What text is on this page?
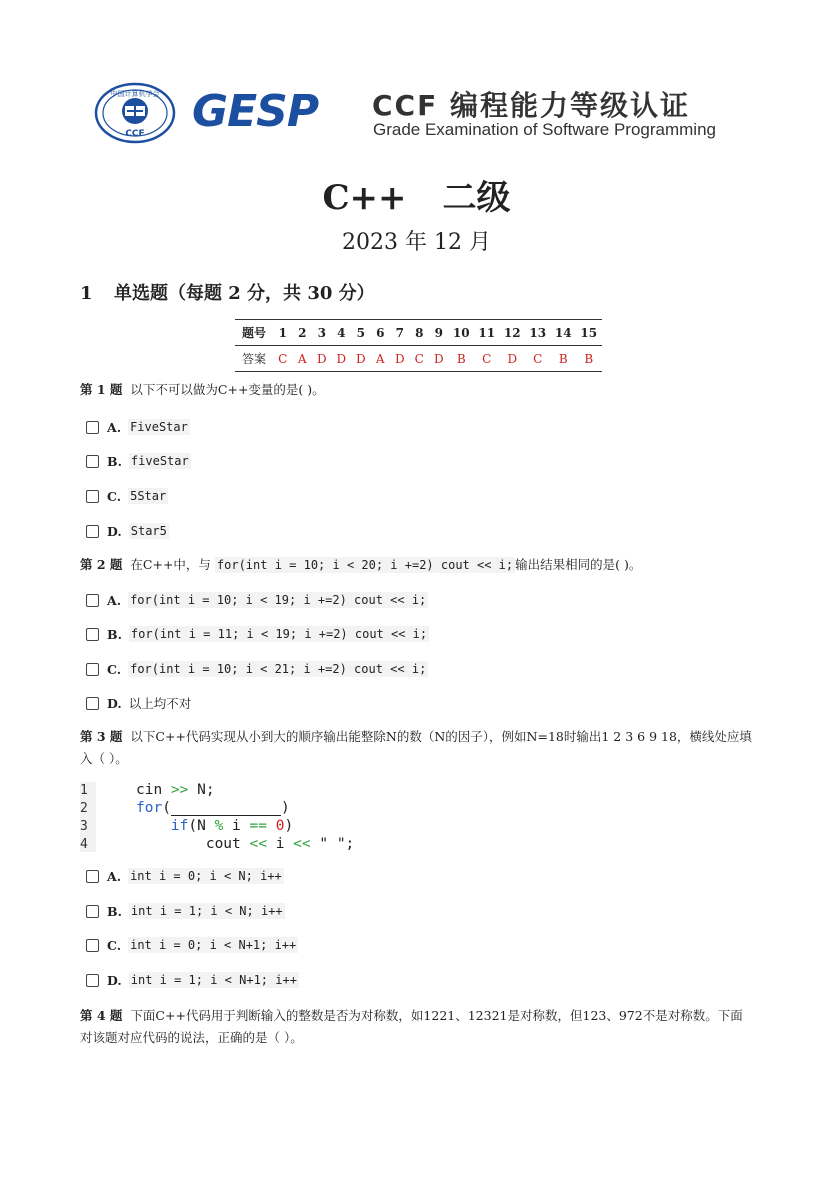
中国计算机学会
CCF GESP CCF 编程能力等级认证
Grade Examination of Software Programming
C++ 二级
2023 年 12 月
1 单选题（每题 2 分，共 30 分）
题号	1	2	3	4	5	6	7	8	9	10	11	12	13	14	15
答案	C	A	D	D	D	A	D	C	D	B	C	D	C	B	B
第 1 题 以下不可以做为C++变量的是( )。
A. FiveStar
B. fiveStar
C. 5Star
D. Star5
第 2 题 在C++中，与 for(int i = 10; i < 20; i +=2) cout << i; 输出结果相同的是( )。
A. for(int i = 10; i < 19; i +=2) cout << i;
B. for(int i = 11; i < 19; i +=2) cout << i;
C. for(int i = 10; i < 21; i +=2) cout << i;
D. 以上均不对
第 3 题 以下C++代码实现从小到大的顺序输出能整除N的数（N的因子），例如N=18时输出1 2 3 6 9 18，横线处应填
入（ ）。
1	cin >> N;
2	for(	)
3	if(N % i == 0)
4	cout << i << " ";
A. int i = 0; i < N; i++
B. int i = 1; i < N; i++
C. int i = 0; i < N+1; i++
D. int i = 1; i < N+1; i++
第 4 题 下面C++代码用于判断输入的整数是否为对称数，如1221、12321是对称数，但123、972不是对称数。下面
对该题对应代码的说法，正确的是（ ）。
